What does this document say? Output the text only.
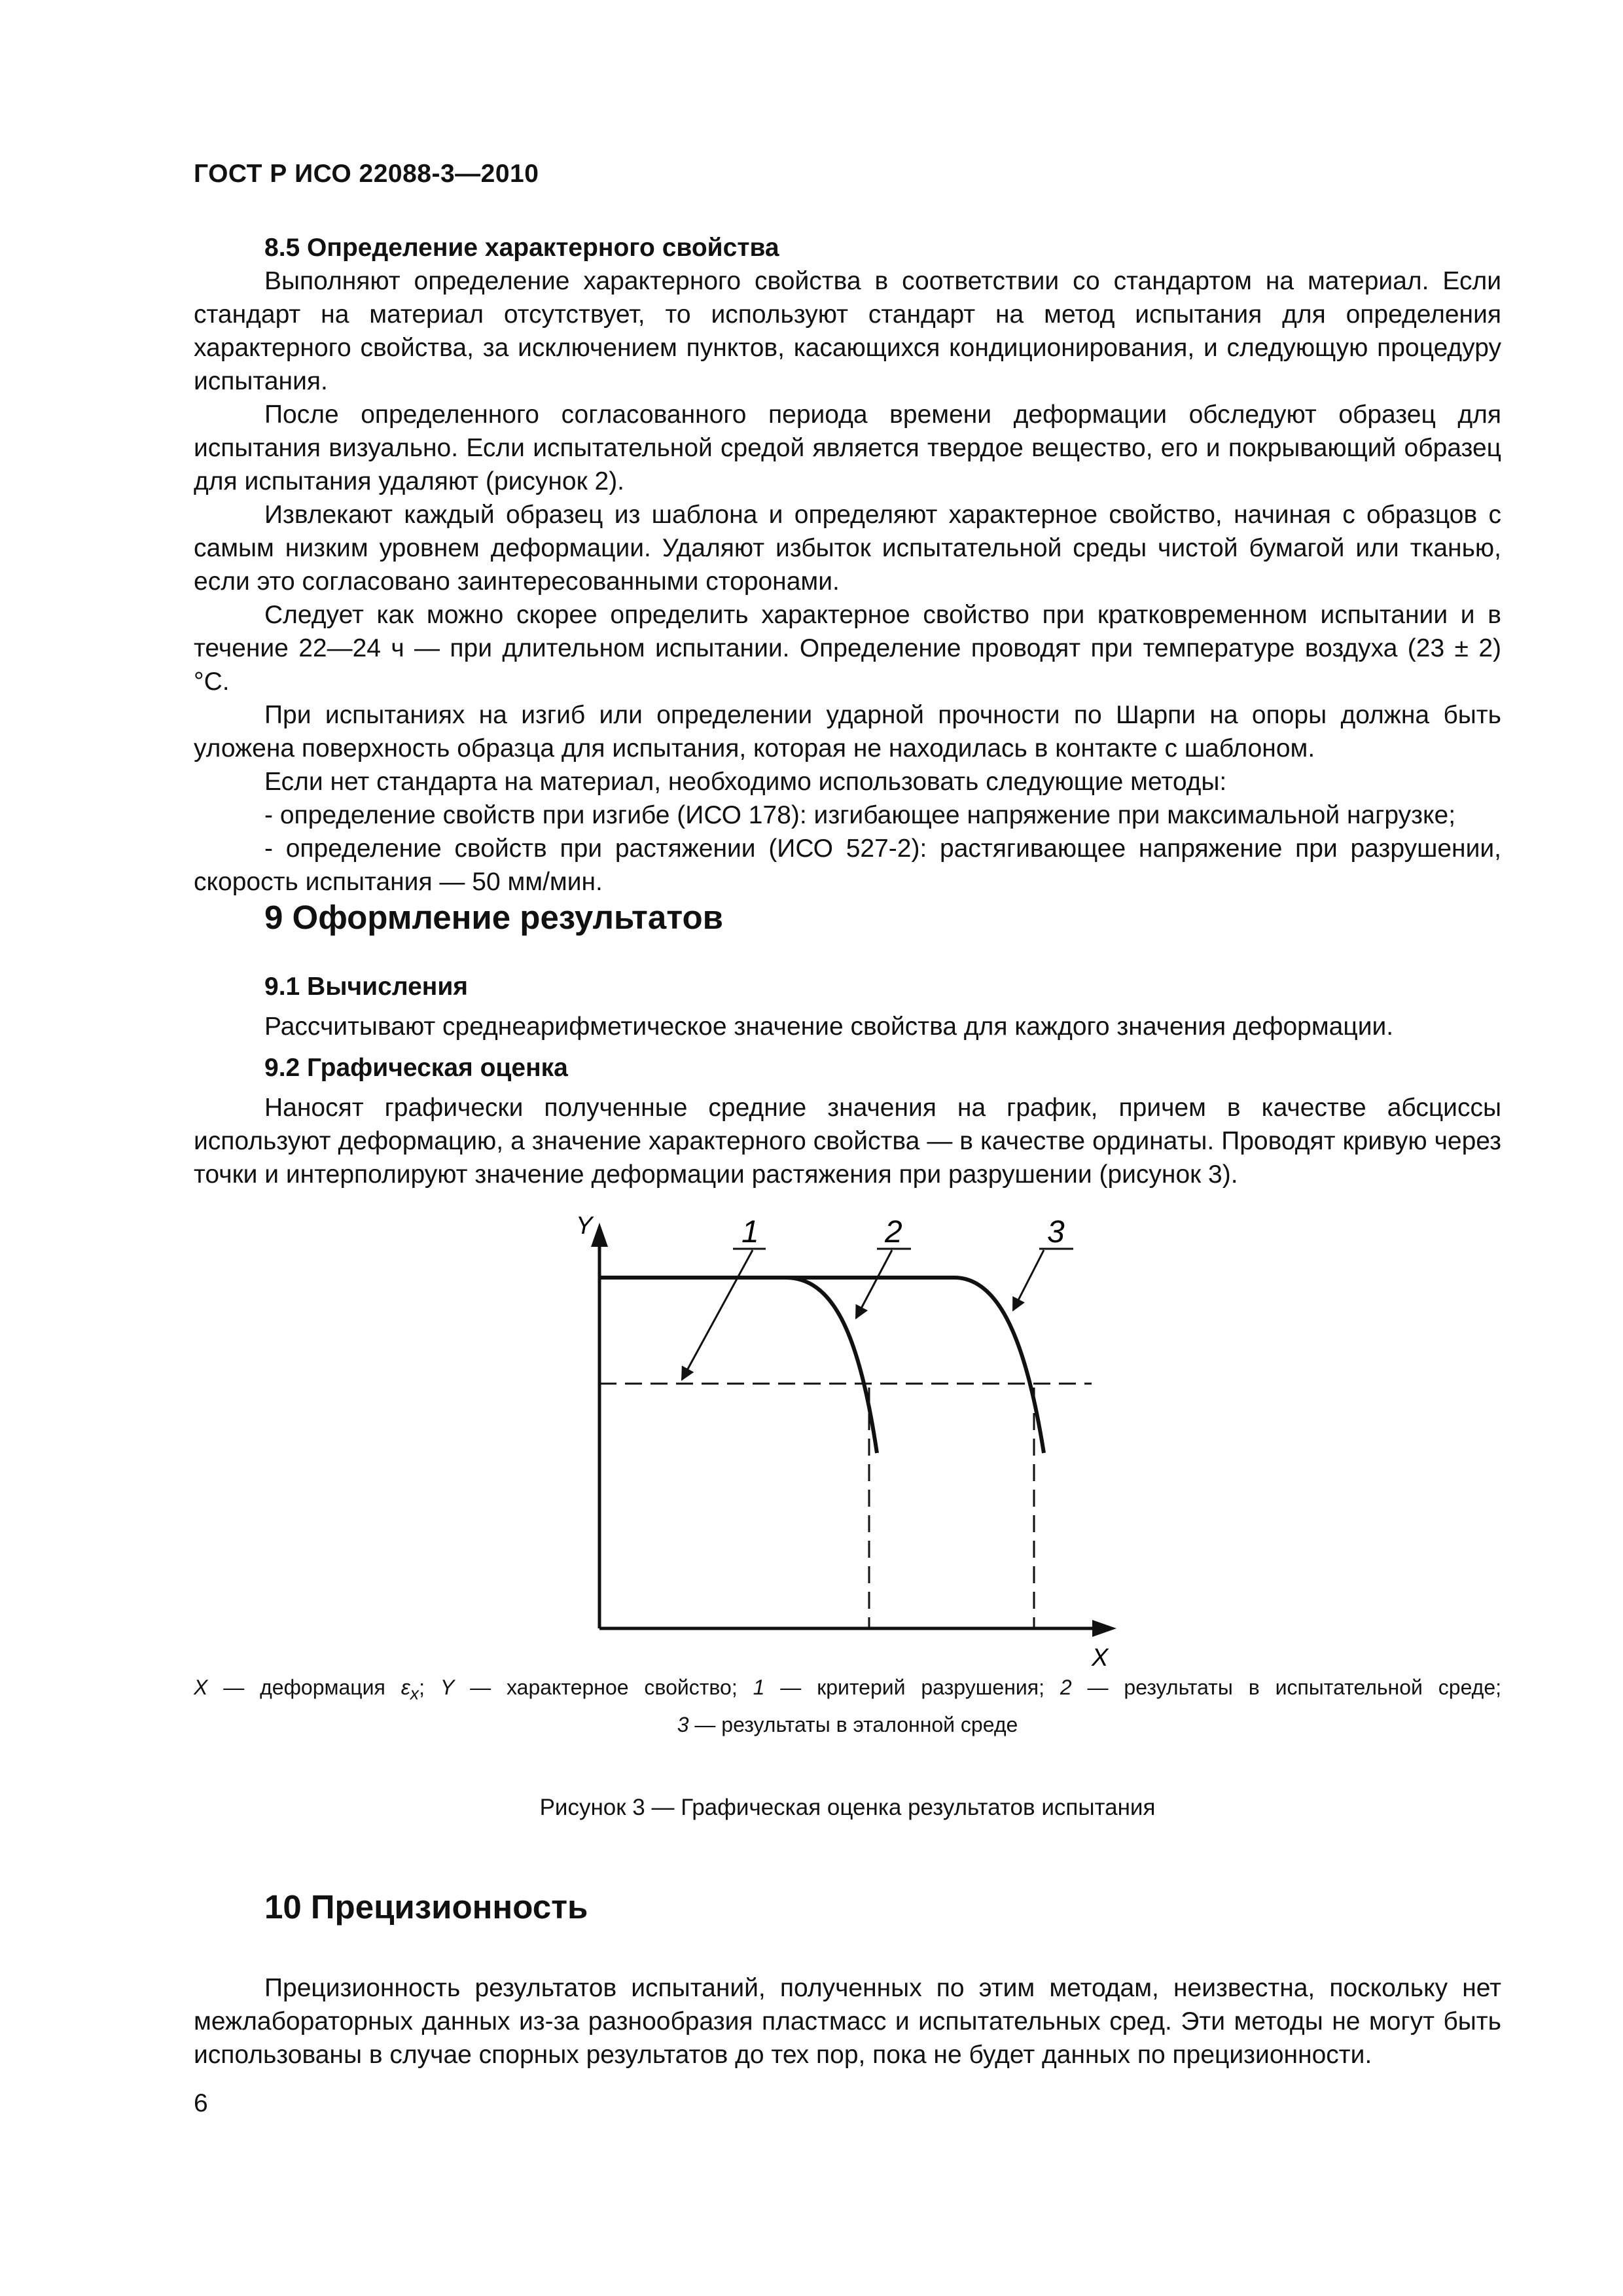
ГОСТ Р ИСО 22088-3—2010

8.5 Определение характерного свойства

Выполняют определение характерного свойства в соответствии со стандартом на материал. Если стандарт на материал отсутствует, то используют стандарт на метод испытания для определения характерного свойства, за исключением пунктов, касающихся кондиционирования, и следующую процедуру испытания.

После определенного согласованного периода времени деформации обследуют образец для испытания визуально. Если испытательной средой является твердое вещество, его и покрывающий образец для испытания удаляют (рисунок 2).

Извлекают каждый образец из шаблона и определяют характерное свойство, начиная с образцов с самым низким уровнем деформации. Удаляют избыток испытательной среды чистой бумагой или тканью, если это согласовано заинтересованными сторонами.

Следует как можно скорее определить характерное свойство при кратковременном испытании и в течение 22—24 ч — при длительном испытании. Определение проводят при температуре воздуха (23 ± 2) °С.

При испытаниях на изгиб или определении ударной прочности по Шарпи на опоры должна быть уложена поверхность образца для испытания, которая не находилась в контакте с шаблоном.

Если нет стандарта на материал, необходимо использовать следующие методы:

- определение свойств при изгибе (ИСО 178): изгибающее напряжение при максимальной нагрузке;

- определение свойств при растяжении (ИСО 527-2): растягивающее напряжение при разрушении, скорость испытания — 50 мм/мин.

9 Оформление результатов

9.1 Вычисления

Рассчитывают среднеарифметическое значение свойства для каждого значения деформации.

9.2 Графическая оценка

Наносят графически полученные средние значения на график, причем в качестве абсциссы используют деформацию, а значение характерного свойства — в качестве ординаты. Проводят кривую через точки и интерполируют значение деформации растяжения при разрушении (рисунок 3).

Y
X
1	2	3
X — деформация $\varepsilon_x$; Y — характерное свойство; 1 — критерий разрушения; 2 — результаты в испытательной среде;
3 — результаты в эталонной среде
Рисунок 3 — Графическая оценка результатов испытания
10 Прецизионность

Прецизионность результатов испытаний, полученных по этим методам, неизвестна, поскольку нет межлабораторных данных из-за разнообразия пластмасс и испытательных сред. Эти методы не могут быть использованы в случае спорных результатов до тех пор, пока не будет данных по прецизионности.

6
